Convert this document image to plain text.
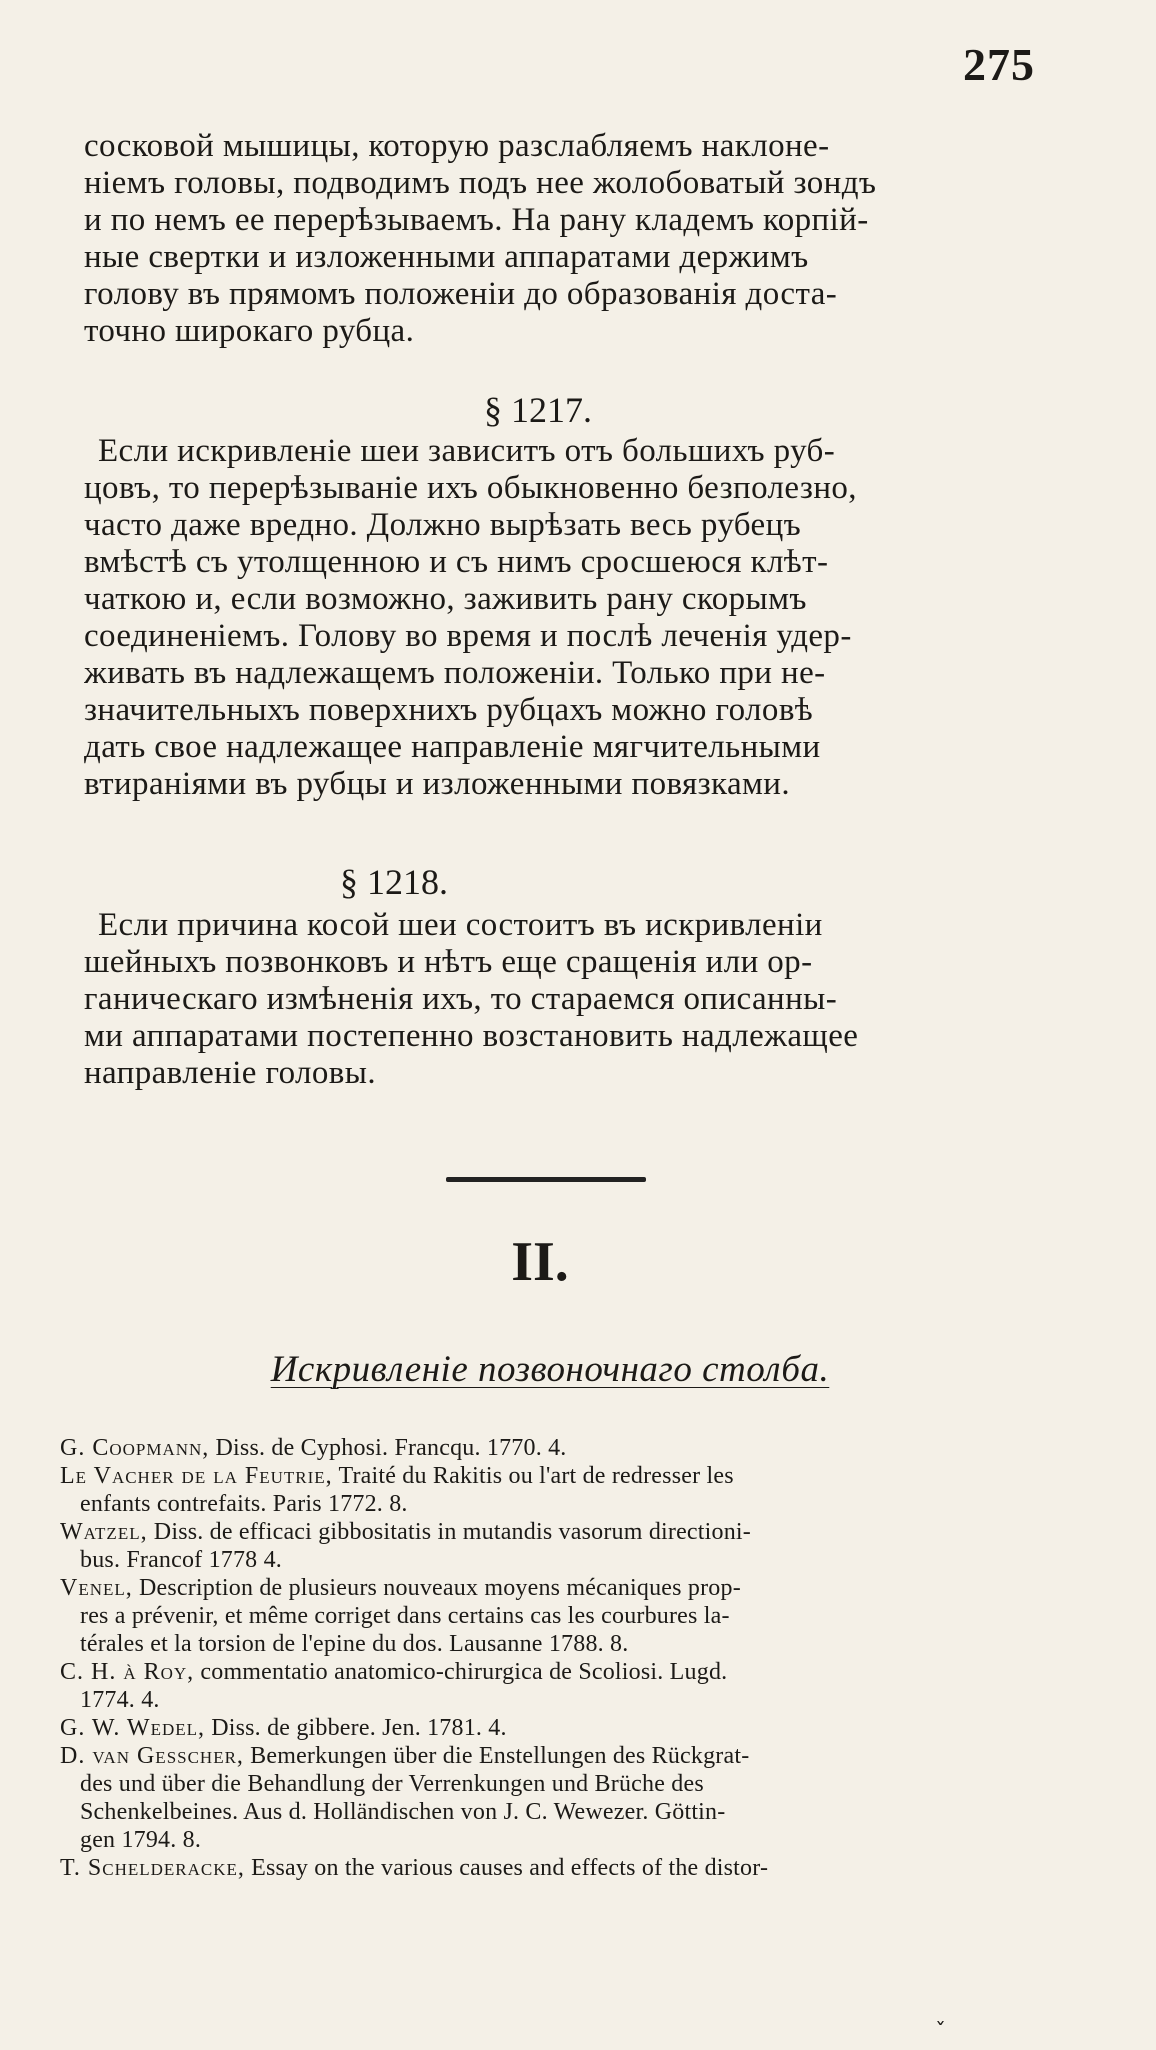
275
сосковой мышицы, которую разслабляемъ наклоне-
ніемъ головы, подводимъ подъ нее жолобоватый зондъ
и по немъ ее перерѣзываемъ. На рану кладемъ корпій-
ные свертки и изложенными аппаратами держимъ
голову въ прямомъ положеніи до образованія доста-
точно широкаго рубца.
§ 1217.
Если искривленіе шеи зависитъ отъ большихъ руб-
цовъ, то перерѣзываніе ихъ обыкновенно безполезно,
часто даже вредно. Должно вырѣзать весь рубецъ
вмѣстѣ съ утолщенною и съ нимъ сросшеюся клѣт-
чаткою и, если возможно, заживить рану скорымъ
соединеніемъ. Голову во время и послѣ леченія удер-
живать въ надлежащемъ положеніи. Только при не-
значительныхъ поверхнихъ рубцахъ можно головѣ
дать свое надлежащее направленіе мягчительными
втираніями въ рубцы и изложенными повязками.
§ 1218.
Если причина косой шеи состоитъ въ искривленіи
шейныхъ позвонковъ и нѣтъ еще сращенія или ор-
ганическаго измѣненія ихъ, то стараемся описанны-
ми аппаратами постепенно возстановить надлежащее
направленіе головы.
II.
Искривленіе позвоночнаго столба.
G. Coopmann, Diss. de Cyphosi. Francqu. 1770. 4.
Le Vacher de la Feutrie, Traité du Rakitis ou l'art de redresser les
enfants contrefaits. Paris 1772. 8.
Watzel, Diss. de efficaci gibbositatis in mutandis vasorum directioni-
bus. Francof 1778 4.
Venel, Description de plusieurs nouveaux moyens mécaniques prop-
res a prévenir, et même corriget dans certains cas les courbures la-
térales et la torsion de l'epine du dos. Lausanne 1788. 8.
C. H. à Roy, commentatio anatomico-chirurgica de Scoliosi. Lugd.
1774. 4.
G. W. Wedel, Diss. de gibbere. Jen. 1781. 4.
D. van Gesscher, Bemerkungen über die Enstellungen des Rückgrat-
des und über die Behandlung der Verrenkungen und Brüche des
Schenkelbeines. Aus d. Holländischen von J. C. Wewezer. Göttin-
gen 1794. 8.
T. Schelderacke, Essay on the various causes and effects of the distor-
ˇ
